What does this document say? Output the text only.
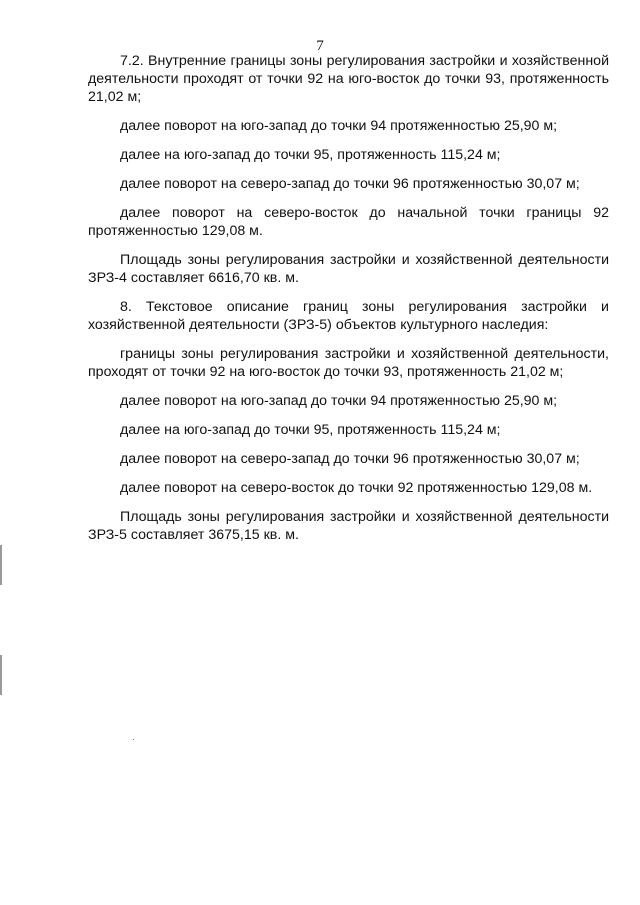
7

7.2. Внутренние границы зоны регулирования застройки и хозяйственной деятельности проходят от точки 92 на юго-восток до точки 93, протяженность 21,02 м;

далее поворот на юго-запад до точки 94 протяженностью 25,90 м;

далее на юго-запад до точки 95, протяженность 115,24 м;

далее поворот на северо-запад до точки 96 протяженностью 30,07 м;

далее поворот на северо-восток до начальной точки границы 92 протяженностью 129,08 м.

Площадь зоны регулирования застройки и хозяйственной деятельности ЗРЗ-4 составляет 6616,70 кв. м.

8. Текстовое описание границ зоны регулирования застройки и хозяйственной деятельности (ЗРЗ-5) объектов культурного наследия:

границы зоны регулирования застройки и хозяйственной деятельности, проходят от точки 92 на юго-восток до точки 93, протяженность 21,02 м;

далее поворот на юго-запад до точки 94 протяженностью 25,90 м;

далее на юго-запад до точки 95, протяженность 115,24 м;

далее поворот на северо-запад до точки 96 протяженностью 30,07 м;

далее поворот на северо-восток до точки 92 протяженностью 129,08 м.

Площадь зоны регулирования застройки и хозяйственной деятельности ЗРЗ-5 составляет 3675,15 кв. м.
